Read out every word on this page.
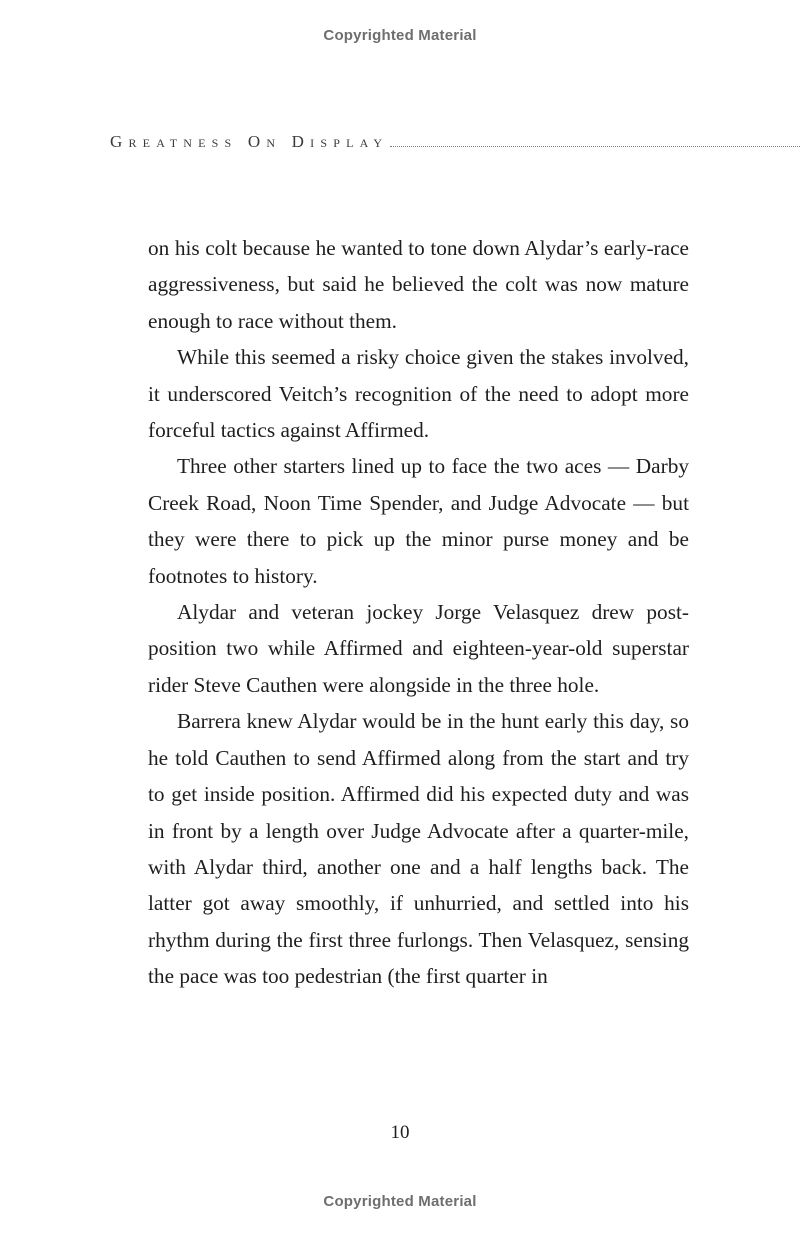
Copyrighted Material
Greatness On Display

on his colt because he wanted to tone down Alydar’s early-race aggressiveness, but said he believed the colt was now mature enough to race without them.

While this seemed a risky choice given the stakes involved, it underscored Veitch’s recognition of the need to adopt more forceful tactics against Affirmed.

Three other starters lined up to face the two aces — Darby Creek Road, Noon Time Spender, and Judge Advocate — but they were there to pick up the minor purse money and be footnotes to history.

Alydar and veteran jockey Jorge Velasquez drew post-position two while Affirmed and eighteen-year-old superstar rider Steve Cauthen were alongside in the three hole.

Barrera knew Alydar would be in the hunt early this day, so he told Cauthen to send Affirmed along from the start and try to get inside position. Affirmed did his expected duty and was in front by a length over Judge Advocate after a quarter-mile, with Alydar third, another one and a half lengths back. The latter got away smoothly, if unhurried, and settled into his rhythm during the first three furlongs. Then Velasquez, sensing the pace was too pedestrian (the first quarter in

10
Copyrighted Material
